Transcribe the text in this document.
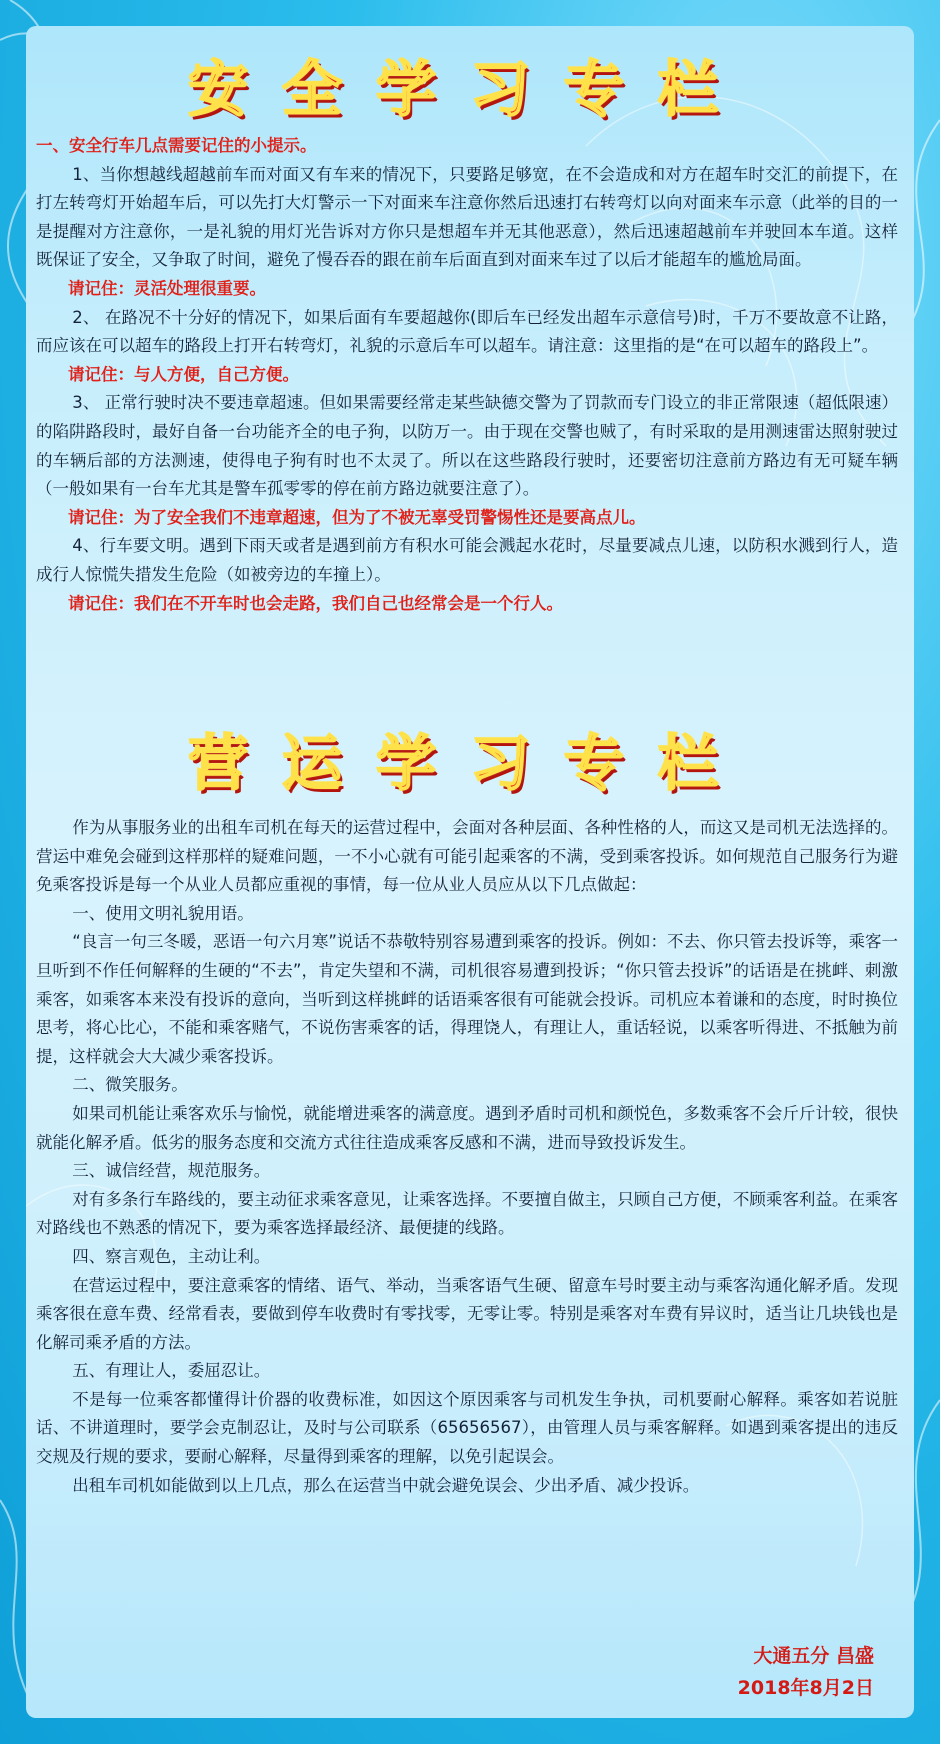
安全学习专栏

一、安全行车几点需要记住的小提示。

1、当你想越线超越前车而对面又有车来的情况下，只要路足够宽，在不会造成和对方在超车时交汇的前提下，在打左转弯灯开始超车后，可以先打大灯警示一下对面来车注意你然后迅速打右转弯灯以向对面来车示意（此举的目的一是提醒对方注意你，一是礼貌的用灯光告诉对方你只是想超车并无其他恶意），然后迅速超越前车并驶回本车道。这样既保证了安全，又争取了时间，避免了慢吞吞的跟在前车后面直到对面来车过了以后才能超车的尴尬局面。

请记住：灵活处理很重要。

2、 在路况不十分好的情况下，如果后面有车要超越你(即后车已经发出超车示意信号)时，千万不要故意不让路，而应该在可以超车的路段上打开右转弯灯，礼貌的示意后车可以超车。请注意：这里指的是“在可以超车的路段上”。

请记住：与人方便，自己方便。

3、 正常行驶时决不要违章超速。但如果需要经常走某些缺德交警为了罚款而专门设立的非正常限速（超低限速）的陷阱路段时，最好自备一台功能齐全的电子狗，以防万一。由于现在交警也贼了，有时采取的是用测速雷达照射驶过的车辆后部的方法测速，使得电子狗有时也不太灵了。所以在这些路段行驶时，还要密切注意前方路边有无可疑车辆（一般如果有一台车尤其是警车孤零零的停在前方路边就要注意了）。

请记住：为了安全我们不违章超速，但为了不被无辜受罚警惕性还是要高点儿。

4、行车要文明。遇到下雨天或者是遇到前方有积水可能会溅起水花时，尽量要减点儿速，以防积水溅到行人，造成行人惊慌失措发生危险（如被旁边的车撞上）。

请记住：我们在不开车时也会走路，我们自己也经常会是一个行人。

营运学习专栏

作为从事服务业的出租车司机在每天的运营过程中，会面对各种层面、各种性格的人，而这又是司机无法选择的。营运中难免会碰到这样那样的疑难问题，一不小心就有可能引起乘客的不满，受到乘客投诉。如何规范自己服务行为避免乘客投诉是每一个从业人员都应重视的事情，每一位从业人员应从以下几点做起：

一、使用文明礼貌用语。

“良言一句三冬暖，恶语一句六月寒”说话不恭敬特别容易遭到乘客的投诉。例如：不去、你只管去投诉等，乘客一旦听到不作任何解释的生硬的“不去”，肯定失望和不满，司机很容易遭到投诉；“你只管去投诉”的话语是在挑衅、刺激乘客，如乘客本来没有投诉的意向，当听到这样挑衅的话语乘客很有可能就会投诉。司机应本着谦和的态度，时时换位思考，将心比心，不能和乘客赌气，不说伤害乘客的话，得理饶人，有理让人，重话轻说，以乘客听得进、不抵触为前提，这样就会大大减少乘客投诉。

二、微笑服务。

如果司机能让乘客欢乐与愉悦，就能增进乘客的满意度。遇到矛盾时司机和颜悦色，多数乘客不会斤斤计较，很快就能化解矛盾。低劣的服务态度和交流方式往往造成乘客反感和不满，进而导致投诉发生。

三、诚信经营，规范服务。

对有多条行车路线的，要主动征求乘客意见，让乘客选择。不要擅自做主，只顾自己方便，不顾乘客利益。在乘客对路线也不熟悉的情况下，要为乘客选择最经济、最便捷的线路。

四、察言观色，主动让利。

在营运过程中，要注意乘客的情绪、语气、举动，当乘客语气生硬、留意车号时要主动与乘客沟通化解矛盾。发现乘客很在意车费、经常看表，要做到停车收费时有零找零，无零让零。特别是乘客对车费有异议时，适当让几块钱也是化解司乘矛盾的方法。

五、有理让人，委屈忍让。

不是每一位乘客都懂得计价器的收费标准，如因这个原因乘客与司机发生争执，司机要耐心解释。乘客如若说脏话、不讲道理时，要学会克制忍让，及时与公司联系（65656567），由管理人员与乘客解释。如遇到乘客提出的违反交规及行规的要求，要耐心解释，尽量得到乘客的理解，以免引起误会。

出租车司机如能做到以上几点，那么在运营当中就会避免误会、少出矛盾、减少投诉。

大通五分 昌盛
2018年8月2日
